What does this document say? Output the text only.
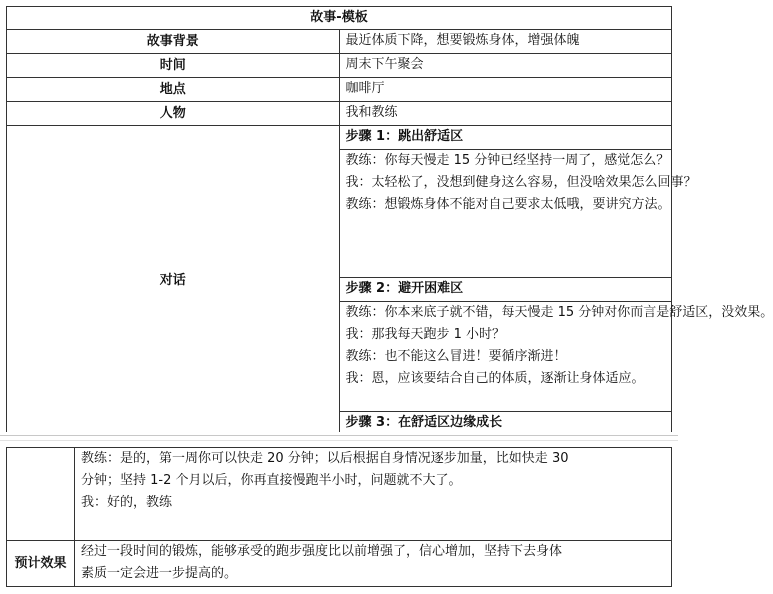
故事-模板	
故事背景	最近体质下降，想要锻炼身体，增强体魄
时间	周末下午聚会
地点	咖啡厅
人物	我和教练
对话	步骤 1：跳出舒适区

	教练：你每天慢走 15 分钟已经坚持一周了，感觉怎么？
我：太轻松了，没想到健身这么容易，但没啥效果怎么回事？
教练：想锻炼身体不能对自己要求太低哦，要讲究方法。

	步骤 2：避开困难区

	教练：你本来底子就不错，每天慢走 15 分钟对你而言是舒适区，没效果。
我：那我每天跑步 1 小时？
教练：也不能这么冒进！要循序渐进！
我：恩，应该要结合自己的体质，逐渐让身体适应。

	步骤 3：在舒适区边缘成长

	教练：是的，第一周你可以快走 20 分钟；以后根据自身情况逐步加量，比如快走 30
分钟；坚持 1-2 个月以后，你再直接慢跑半小时，问题就不大了。
我：好的，教练

预计效果	经过一段时间的锻炼，能够承受的跑步强度比以前增强了，信心增加，坚持下去身体
素质一定会进一步提高的。
